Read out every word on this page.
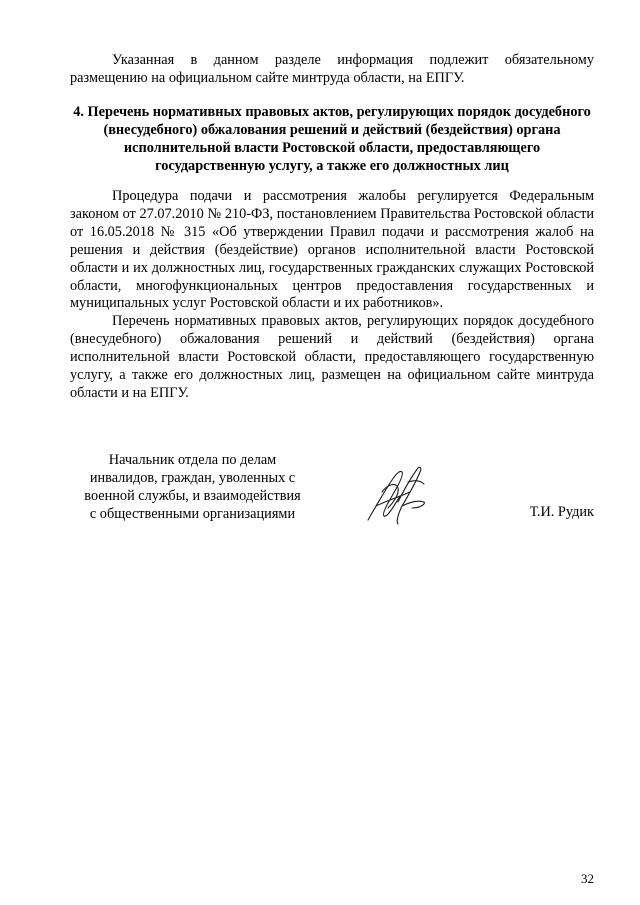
Указанная в данном разделе информация подлежит обязательному размещению на официальном сайте минтруда области, на ЕПГУ.

4. Перечень нормативных правовых актов, регулирующих порядок досудебного (внесудебного) обжалования решений и действий (бездействия) органа исполнительной власти Ростовской области, предоставляющего государственную услугу, а также его должностных лиц

Процедура подачи и рассмотрения жалобы регулируется Федеральным законом от 27.07.2010 № 210-ФЗ, постановлением Правительства Ростовской области от 16.05.2018 № 315 «Об утверждении Правил подачи и рассмотрения жалоб на решения и действия (бездействие) органов исполнительной власти Ростовской области и их должностных лиц, государственных гражданских служащих Ростовской области, многофункциональных центров предоставления государственных и муниципальных услуг Ростовской области и их работников».

Перечень нормативных правовых актов, регулирующих порядок досудебного (внесудебного) обжалования решений и действий (бездействия) органа исполнительной власти Ростовской области, предоставляющего государственную услугу, а также его должностных лиц, размещен на официальном сайте минтруда области и на ЕПГУ.

Начальник отдела по делам
инвалидов, граждан, уволенных с
военной службы, и взаимодействия
с общественными организациями	Т.И. Рудик
32
